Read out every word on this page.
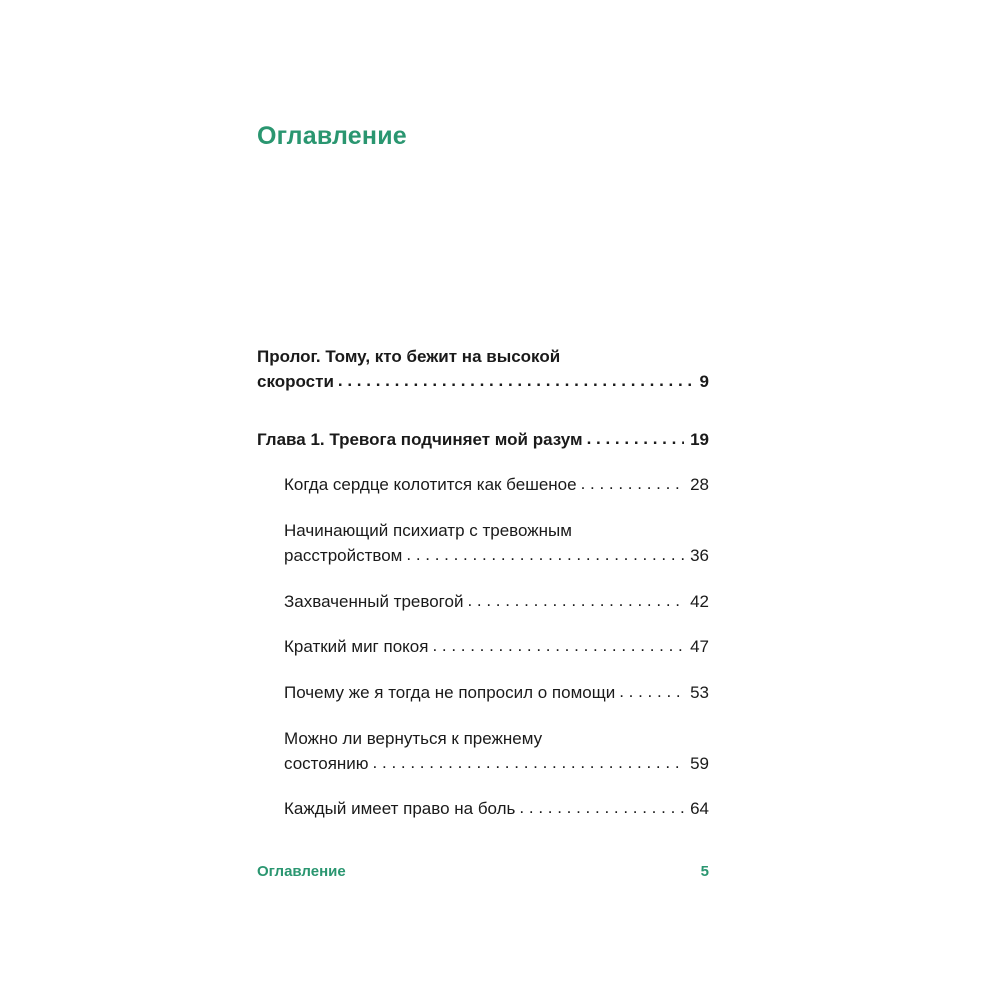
Оглавление
Пролог. Тому, кто бежит на высокой
скорости . . .	9
Глава 1. Тревога подчиняет мой разум . . .	19
Когда сердце колотится как бешеное . . .	28
Начинающий психиатр с тревожным
расстройством . . .	36
Захваченный тревогой . . .	42
Краткий миг покоя . . .	47
Почему же я тогда не попросил о помощи . . .	53
Можно ли вернуться к прежнему
состоянию . . .	59
Каждый имеет право на боль . . .	64
Оглавление	5
